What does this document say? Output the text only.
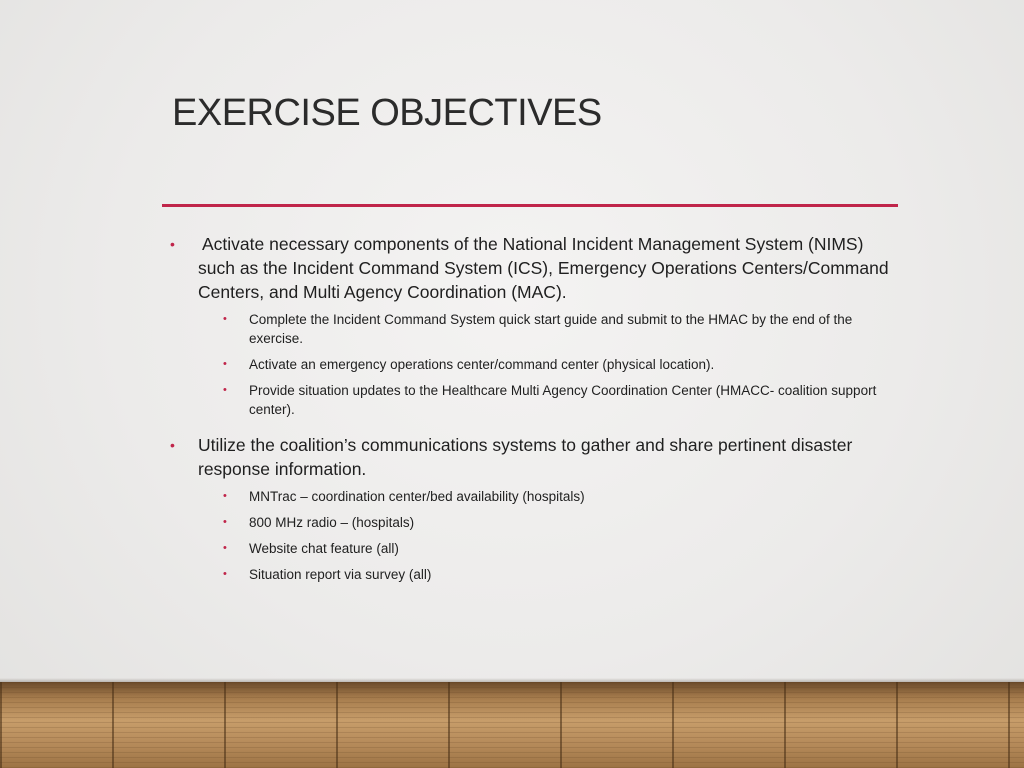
EXERCISE OBJECTIVES
• Activate necessary components of the National Incident Management System (NIMS) such as the Incident Command System (ICS), Emergency Operations Centers/Command Centers, and Multi Agency Coordination (MAC).
• Complete the Incident Command System quick start guide and submit to the HMAC by the end of the exercise.
• Activate an emergency operations center/command center (physical location).
• Provide situation updates to the Healthcare Multi Agency Coordination Center (HMACC- coalition support center).
• Utilize the coalition’s communications systems to gather and share pertinent disaster response information.
• MNTrac – coordination center/bed availability (hospitals)
• 800 MHz radio – (hospitals)
• Website chat feature (all)
• Situation report via survey (all)
